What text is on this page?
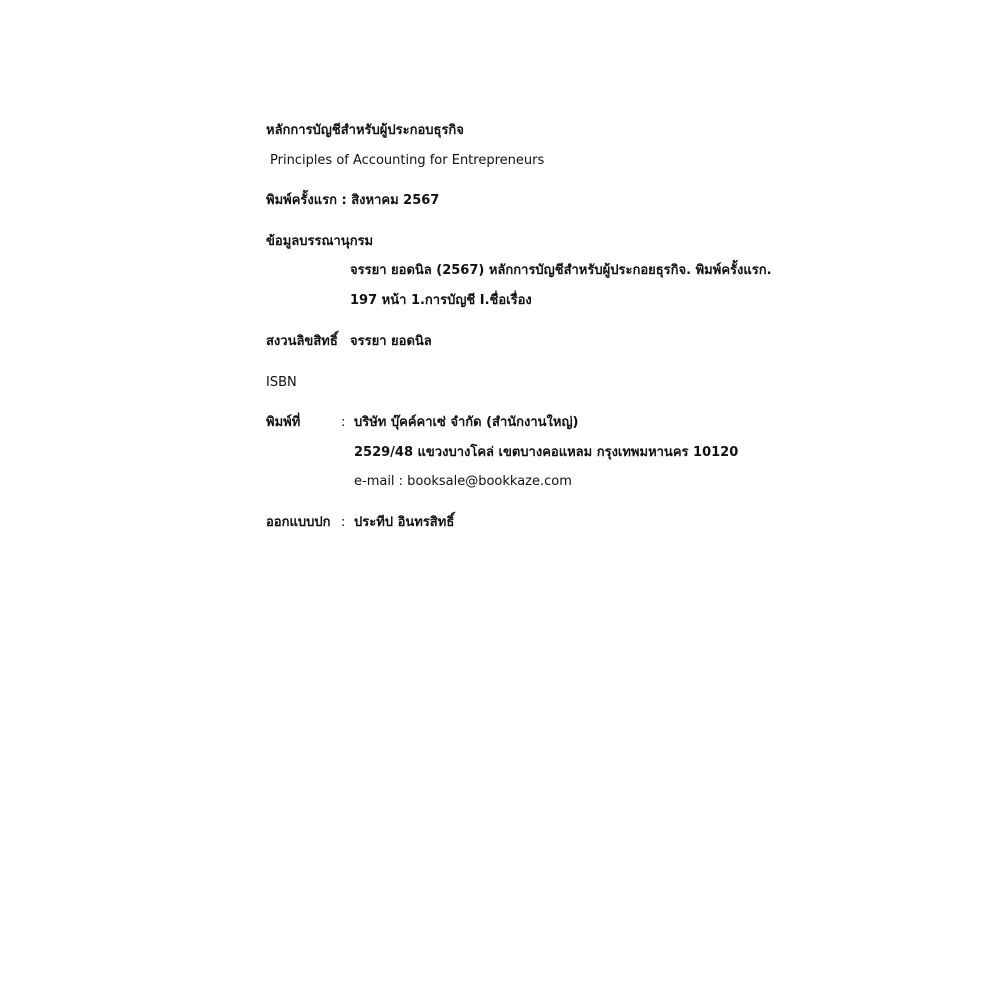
หลักการบัญชีสำหรับผู้ประกอบธุรกิจ
Principles of Accounting for Entrepreneurs
พิมพ์ครั้งแรก : สิงหาคม 2567
ข้อมูลบรรณานุกรม
จรรยา ยอดนิล (2567) หลักการบัญชีสำหรับผู้ประกอยธุรกิจ. พิมพ์ครั้งแรก.
197 หน้า 1.การบัญชี I.ชื่อเรื่อง
สงวนลิขสิทธิ์ จรรยา ยอดนิล
ISBN
พิมพ์ที่	: บริษัท บุ๊คค์คาเซ่ จำกัด (สำนักงานใหญ่)
2529/48 แขวงบางโคล่ เขตบางคอแหลม กรุงเทพมหานคร 10120
e-mail : booksale@bookkaze.com
ออกแบบปก : ประทีป อินทรสิทธิ์
